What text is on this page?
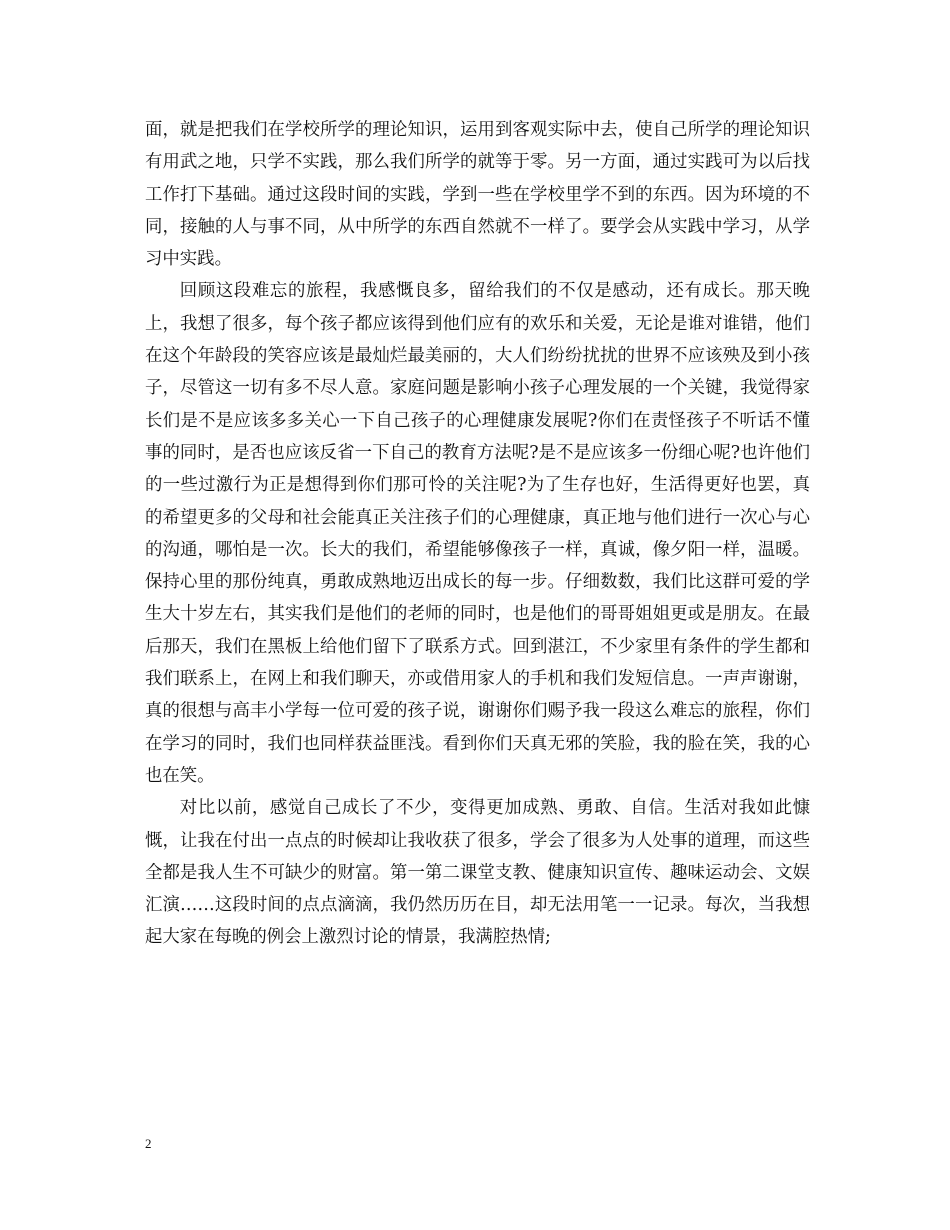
面，就是把我们在学校所学的理论知识，运用到客观实际中去，使自己所学的理论知识有用武之地，只学不实践，那么我们所学的就等于零。另一方面，通过实践可为以后找工作打下基础。通过这段时间的实践，学到一些在学校里学不到的东西。因为环境的不同，接触的人与事不同，从中所学的东西自然就不一样了。要学会从实践中学习，从学习中实践。

回顾这段难忘的旅程，我感慨良多，留给我们的不仅是感动，还有成长。那天晚上，我想了很多，每个孩子都应该得到他们应有的欢乐和关爱，无论是谁对谁错，他们在这个年龄段的笑容应该是最灿烂最美丽的，大人们纷纷扰扰的世界不应该殃及到小孩子，尽管这一切有多不尽人意。家庭问题是影响小孩子心理发展的一个关键，我觉得家长们是不是应该多多关心一下自己孩子的心理健康发展呢?你们在责怪孩子不听话不懂事的同时，是否也应该反省一下自己的教育方法呢?是不是应该多一份细心呢?也许他们的一些过激行为正是想得到你们那可怜的关注呢?为了生存也好，生活得更好也罢，真的希望更多的父母和社会能真正关注孩子们的心理健康，真正地与他们进行一次心与心的沟通，哪怕是一次。长大的我们，希望能够像孩子一样，真诚，像夕阳一样，温暖。保持心里的那份纯真，勇敢成熟地迈出成长的每一步。仔细数数，我们比这群可爱的学生大十岁左右，其实我们是他们的老师的同时，也是他们的哥哥姐姐更或是朋友。在最后那天，我们在黑板上给他们留下了联系方式。回到湛江，不少家里有条件的学生都和我们联系上，在网上和我们聊天，亦或借用家人的手机和我们发短信息。一声声谢谢，真的很想与高丰小学每一位可爱的孩子说，谢谢你们赐予我一段这么难忘的旅程，你们在学习的同时，我们也同样获益匪浅。看到你们天真无邪的笑脸，我的脸在笑，我的心也在笑。

对比以前，感觉自己成长了不少，变得更加成熟、勇敢、自信。生活对我如此慷慨，让我在付出一点点的时候却让我收获了很多，学会了很多为人处事的道理，而这些全都是我人生不可缺少的财富。第一第二课堂支教、健康知识宣传、趣味运动会、文娱汇演……这段时间的点点滴滴，我仍然历历在目，却无法用笔一一记录。每次，当我想起大家在每晚的例会上激烈讨论的情景，我满腔热情;

2
